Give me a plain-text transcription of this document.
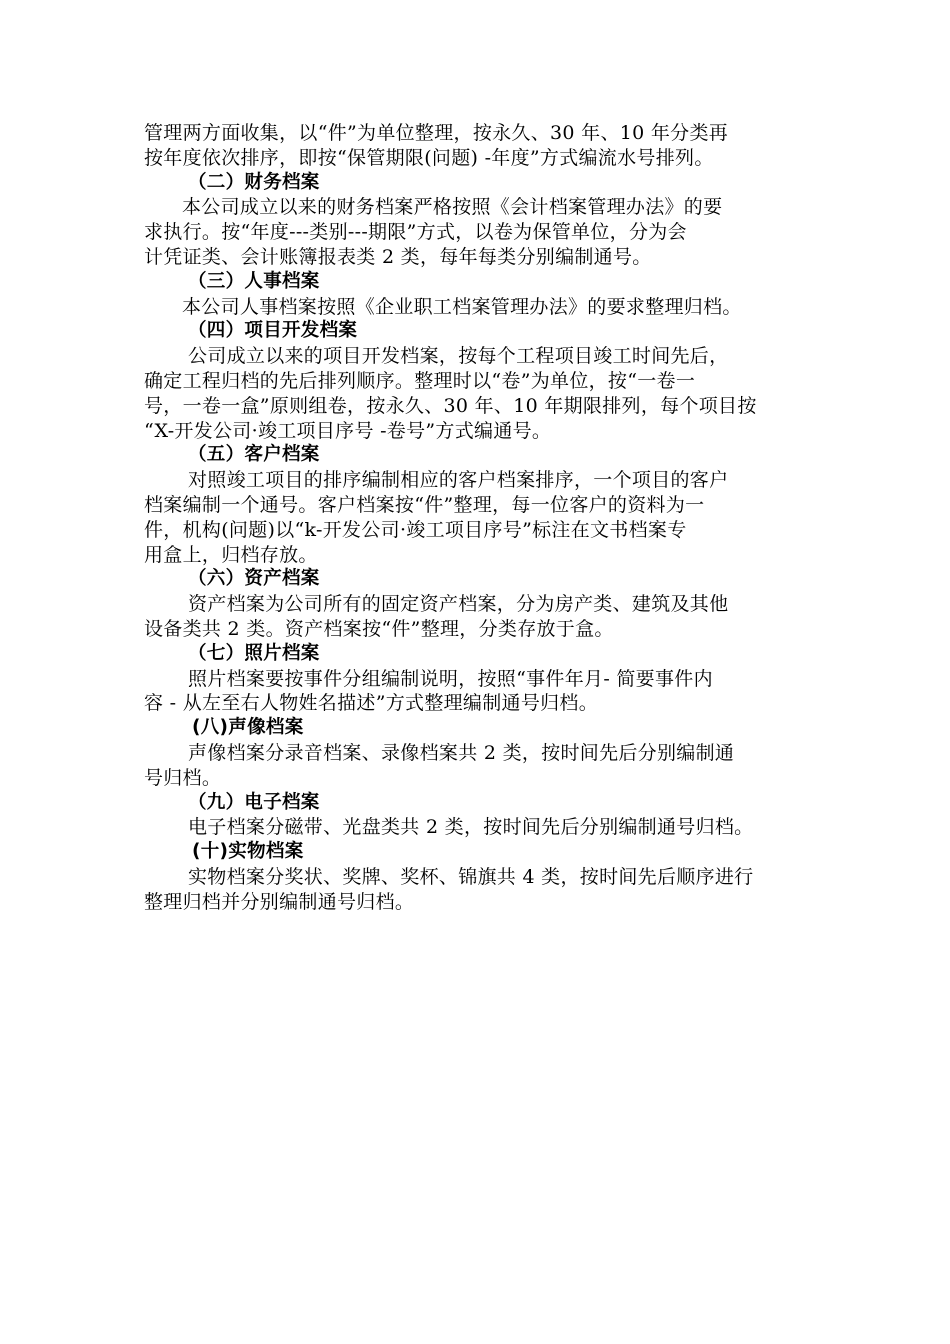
管理两方面收集，以“件”为单位整理，按永久、30 年、10 年分类再
按年度依次排序，即按“保管期限(问题) -年度”方式编流水号排列。
（二）财务档案
本公司成立以来的财务档案严格按照《会计档案管理办法》的要
求执行。按“年度---类别---期限”方式，以卷为保管单位，分为会
计凭证类、会计账簿报表类 2 类，每年每类分别编制通号。
（三）人事档案
本公司人事档案按照《企业职工档案管理办法》的要求整理归档。
（四）项目开发档案
公司成立以来的项目开发档案，按每个工程项目竣工时间先后，
确定工程归档的先后排列顺序。整理时以“卷”为单位，按“一卷一
号，一卷一盒”原则组卷，按永久、30 年、10 年期限排列，每个项目按
“X-开发公司·竣工项目序号 -卷号”方式编通号。
（五）客户档案
对照竣工项目的排序编制相应的客户档案排序，一个项目的客户
档案编制一个通号。客户档案按“件”整理，每一位客户的资料为一
件，机构(问题)以“k-开发公司·竣工项目序号”标注在文书档案专
用盒上，归档存放。
（六）资产档案
资产档案为公司所有的固定资产档案，分为房产类、建筑及其他
设备类共 2 类。资产档案按“件”整理，分类存放于盒。
（七）照片档案
照片档案要按事件分组编制说明，按照“事件年月- 简要事件内
容 - 从左至右人物姓名描述”方式整理编制通号归档。
(八)声像档案
声像档案分录音档案、录像档案共 2 类，按时间先后分别编制通
号归档。
（九）电子档案
电子档案分磁带、光盘类共 2 类，按时间先后分别编制通号归档。
(十)实物档案
实物档案分奖状、奖牌、奖杯、锦旗共 4 类，按时间先后顺序进行
整理归档并分别编制通号归档。
